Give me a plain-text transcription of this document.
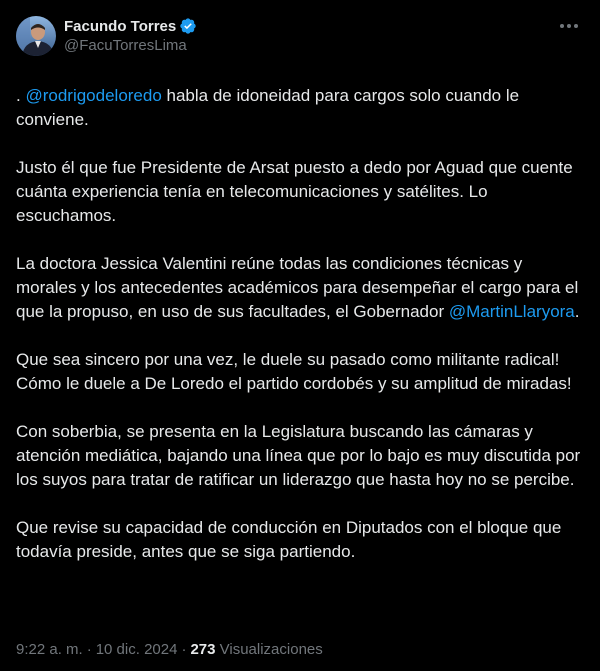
Facundo Torres
@FacuTorresLima

. @rodrigodeloredo habla de idoneidad para cargos solo cuando le conviene.

Justo él que fue Presidente de Arsat puesto a dedo por Aguad que cuente cuánta experiencia tenía en telecomunicaciones y satélites. Lo escuchamos.

La doctora Jessica Valentini reúne todas las condiciones técnicas y morales y los antecedentes académicos para desempeñar el cargo para el que la propuso, en uso de sus facultades, el Gobernador @MartinLlaryora.

Que sea sincero por una vez, le duele su pasado como militante radical! Cómo le duele a De Loredo el partido cordobés y su amplitud de miradas!

Con soberbia, se presenta en la Legislatura buscando las cámaras y atención mediática, bajando una línea que por lo bajo es muy discutida por los suyos para tratar de ratificar un liderazgo que hasta hoy no se percibe.

Que revise su capacidad de conducción en Diputados con el bloque que todavía preside, antes que se siga partiendo.

9:22 a. m. · 10 dic. 2024 · 273 Visualizaciones
